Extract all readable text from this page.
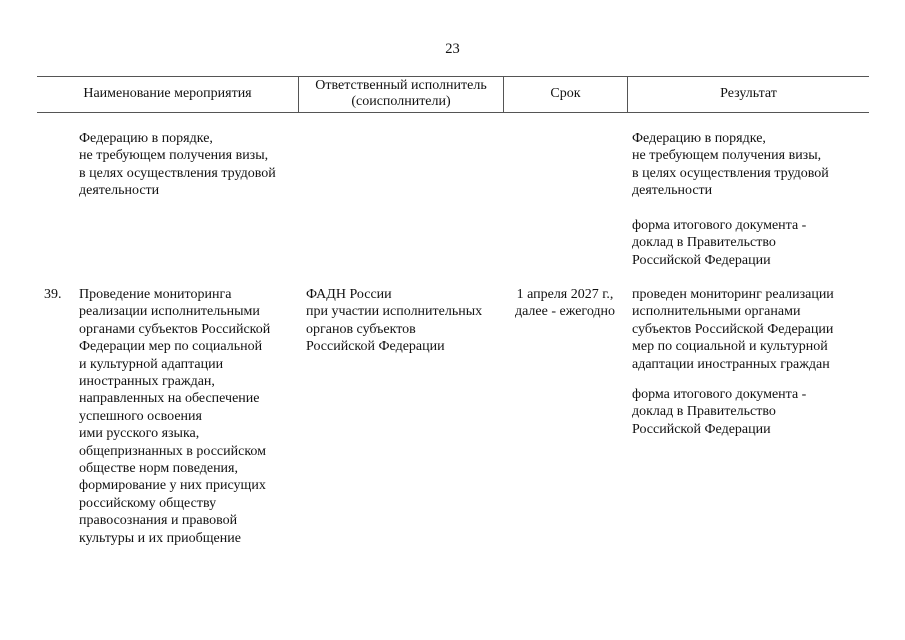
23
Наименование мероприятия
Ответственный исполнитель
(соисполнители)
Срок	Результат
Федерацию в порядке,
не требующем получения визы,
в целях осуществления трудовой
деятельности
Федерацию в порядке,
не требующем получения визы,
в целях осуществления трудовой
деятельности
форма итогового документа -
доклад в Правительство
Российской Федерации
39. Проведение мониторинга
реализации исполнительными
органами субъектов Российской
Федерации мер по социальной
и культурной адаптации
иностранных граждан,
направленных на обеспечение
успешного освоения
ими русского языка,
общепризнанных в российском
обществе норм поведения,
формирование у них присущих
российскому обществу
правосознания и правовой
культуры и их приобщение
ФАДН России
при участии исполнительных
органов субъектов
Российской Федерации
1 апреля 2027 г.,
далее - ежегодно
проведен мониторинг реализации
исполнительными органами
субъектов Российской Федерации
мер по социальной и культурной
адаптации иностранных граждан
форма итогового документа -
доклад в Правительство
Российской Федерации
